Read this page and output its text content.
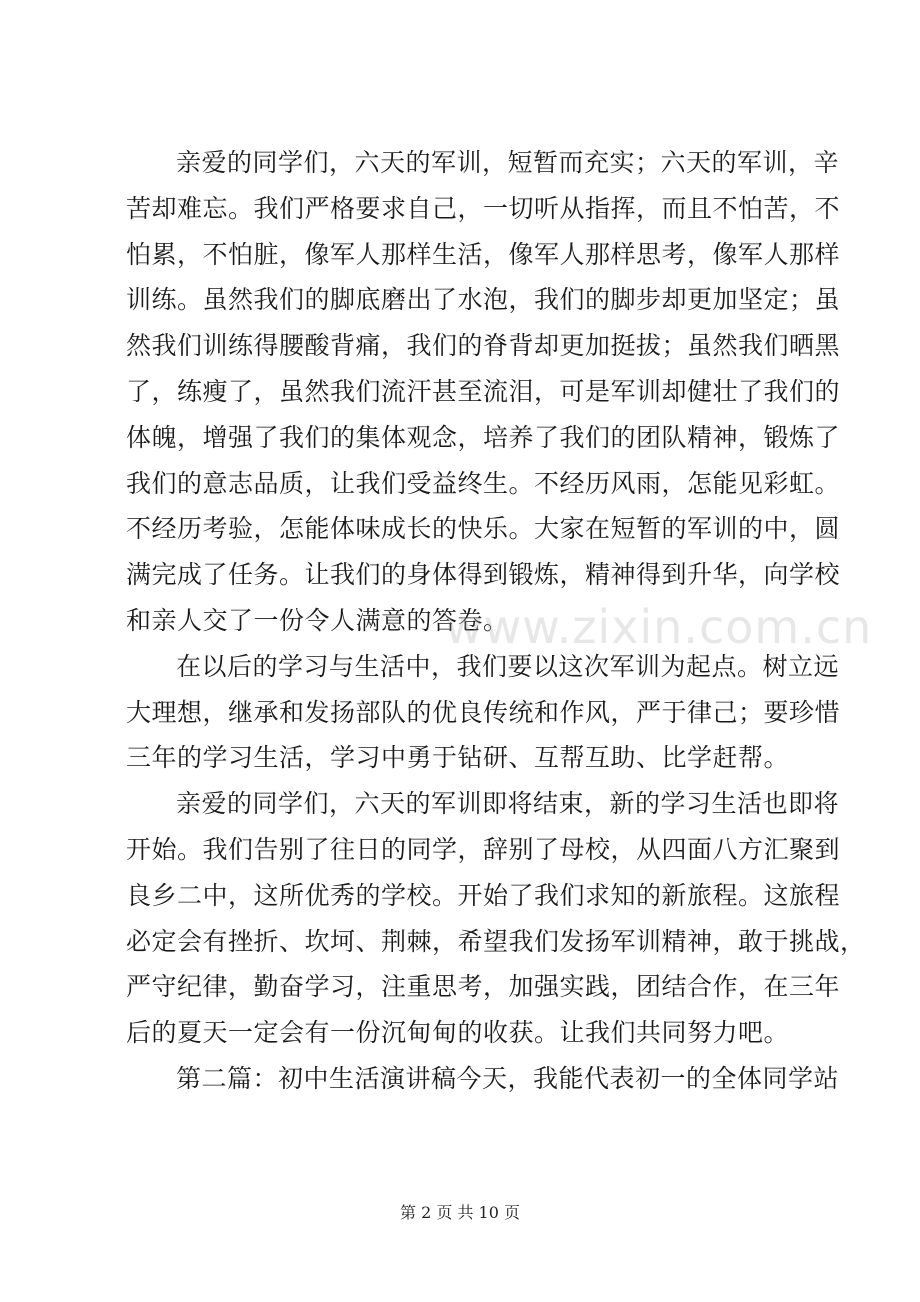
亲爱的同学们，六天的军训，短暂而充实；六天的军训，辛
苦却难忘。我们严格要求自己，一切听从指挥，而且不怕苦，不
怕累，不怕脏，像军人那样生活，像军人那样思考，像军人那样
训练。虽然我们的脚底磨出了水泡，我们的脚步却更加坚定；虽
然我们训练得腰酸背痛，我们的脊背却更加挺拔；虽然我们晒黑
了，练瘦了，虽然我们流汗甚至流泪，可是军训却健壮了我们的
体魄，增强了我们的集体观念，培养了我们的团队精神，锻炼了
我们的意志品质，让我们受益终生。不经历风雨，怎能见彩虹。
不经历考验，怎能体味成长的快乐。大家在短暂的军训的中，圆
满完成了任务。让我们的身体得到锻炼，精神得到升华，向学校
和亲人交了一份令人满意的答卷。
在以后的学习与生活中，我们要以这次军训为起点。树立远
大理想，继承和发扬部队的优良传统和作风，严于律己；要珍惜
三年的学习生活，学习中勇于钻研、互帮互助、比学赶帮。
亲爱的同学们，六天的军训即将结束，新的学习生活也即将
开始。我们告别了往日的同学，辞别了母校，从四面八方汇聚到
良乡二中，这所优秀的学校。开始了我们求知的新旅程。这旅程
必定会有挫折、坎坷、荆棘，希望我们发扬军训精神，敢于挑战，
严守纪律，勤奋学习，注重思考，加强实践，团结合作，在三年
后的夏天一定会有一份沉甸甸的收获。让我们共同努力吧。
第二篇：初中生活演讲稿今天，我能代表初一的全体同学站
www.zixin.com.cn
第 2 页 共 10 页
